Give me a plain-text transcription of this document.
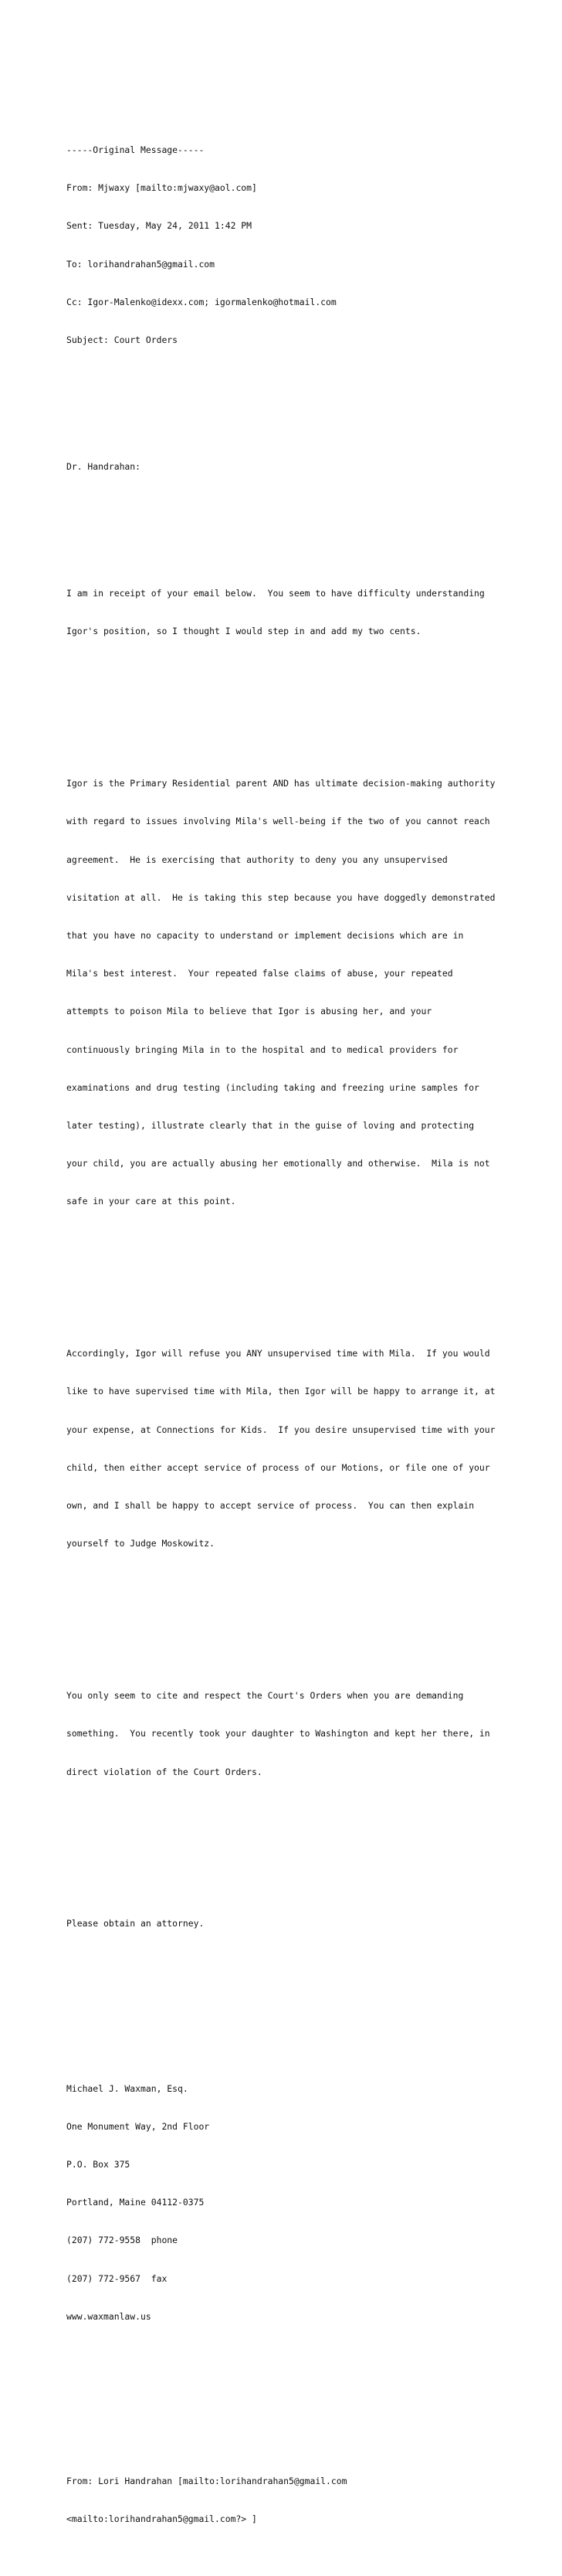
-----Original Message-----

From: Mjwaxy [mailto:mjwaxy@aol.com]

Sent: Tuesday, May 24, 2011 1:42 PM

To: lorihandrahan5@gmail.com

Cc: Igor-Malenko@idexx.com; igormalenko@hotmail.com

Subject: Court Orders

Dr. Handrahan:

I am in receipt of your email below.  You seem to have difficulty understanding

Igor's position, so I thought I would step in and add my two cents.

Igor is the Primary Residential parent AND has ultimate decision-making authority

with regard to issues involving Mila's well-being if the two of you cannot reach

agreement.  He is exercising that authority to deny you any unsupervised

visitation at all.  He is taking this step because you have doggedly demonstrated

that you have no capacity to understand or implement decisions which are in

Mila's best interest.  Your repeated false claims of abuse, your repeated

attempts to poison Mila to believe that Igor is abusing her, and your

continuously bringing Mila in to the hospital and to medical providers for

examinations and drug testing (including taking and freezing urine samples for

later testing), illustrate clearly that in the guise of loving and protecting

your child, you are actually abusing her emotionally and otherwise.  Mila is not

safe in your care at this point.

Accordingly, Igor will refuse you ANY unsupervised time with Mila.  If you would

like to have supervised time with Mila, then Igor will be happy to arrange it, at

your expense, at Connections for Kids.  If you desire unsupervised time with your

child, then either accept service of process of our Motions, or file one of your

own, and I shall be happy to accept service of process.  You can then explain

yourself to Judge Moskowitz.

You only seem to cite and respect the Court's Orders when you are demanding

something.  You recently took your daughter to Washington and kept her there, in

direct violation of the Court Orders.

Please obtain an attorney.

Michael J. Waxman, Esq.

One Monument Way, 2nd Floor

P.O. Box 375

Portland, Maine 04112-0375

(207) 772-9558  phone

(207) 772-9567  fax

www.waxmanlaw.us

From: Lori Handrahan [mailto:lorihandrahan5@gmail.com

<mailto:lorihandrahan5@gmail.com?> ]
